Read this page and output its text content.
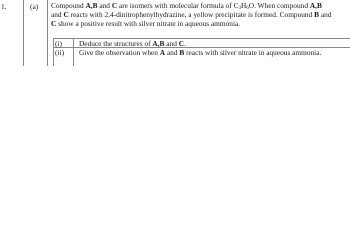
1.	(a)	Compound A,B and C are isomers with molecular formula of $C_3H_6O$. When compound A,B
and C reacts with 2,4-dinitrophenylhydrazine, a yellow precipitate is formed. Compound B and
C show a positive result with silver nitrate in aqueous ammonia.
(i)	Deduce the structures of A,B and C.
(ii)	Give the observation when A and B reacts with silver nitrate in aqueous ammonia.
